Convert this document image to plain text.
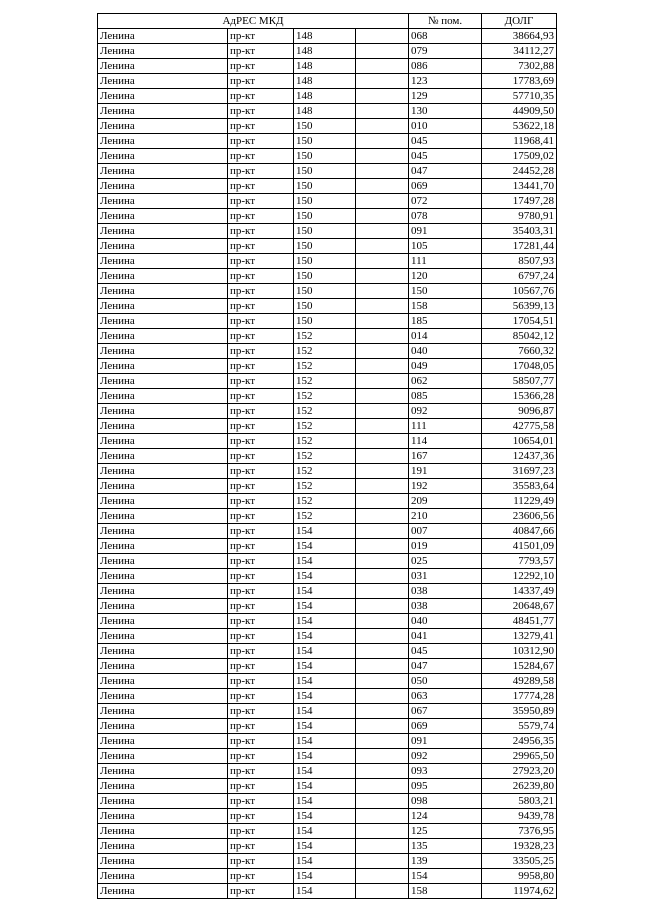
АдРЕС МКД				№ пом.	ДОЛГ
Ленина	пр-кт	148		068	38664,93
Ленина	пр-кт	148		079	34112,27
Ленина	пр-кт	148		086	7302,88
Ленина	пр-кт	148		123	17783,69
Ленина	пр-кт	148		129	57710,35
Ленина	пр-кт	148		130	44909,50
Ленина	пр-кт	150		010	53622,18
Ленина	пр-кт	150		045	11968,41
Ленина	пр-кт	150		045	17509,02
Ленина	пр-кт	150		047	24452,28
Ленина	пр-кт	150		069	13441,70
Ленина	пр-кт	150		072	17497,28
Ленина	пр-кт	150		078	9780,91
Ленина	пр-кт	150		091	35403,31
Ленина	пр-кт	150		105	17281,44
Ленина	пр-кт	150		111	8507,93
Ленина	пр-кт	150		120	6797,24
Ленина	пр-кт	150		150	10567,76
Ленина	пр-кт	150		158	56399,13
Ленина	пр-кт	150		185	17054,51
Ленина	пр-кт	152		014	85042,12
Ленина	пр-кт	152		040	7660,32
Ленина	пр-кт	152		049	17048,05
Ленина	пр-кт	152		062	58507,77
Ленина	пр-кт	152		085	15366,28
Ленина	пр-кт	152		092	9096,87
Ленина	пр-кт	152		111	42775,58
Ленина	пр-кт	152		114	10654,01
Ленина	пр-кт	152		167	12437,36
Ленина	пр-кт	152		191	31697,23
Ленина	пр-кт	152		192	35583,64
Ленина	пр-кт	152		209	11229,49
Ленина	пр-кт	152		210	23606,56
Ленина	пр-кт	154		007	40847,66
Ленина	пр-кт	154		019	41501,09
Ленина	пр-кт	154		025	7793,57
Ленина	пр-кт	154		031	12292,10
Ленина	пр-кт	154		038	14337,49
Ленина	пр-кт	154		038	20648,67
Ленина	пр-кт	154		040	48451,77
Ленина	пр-кт	154		041	13279,41
Ленина	пр-кт	154		045	10312,90
Ленина	пр-кт	154		047	15284,67
Ленина	пр-кт	154		050	49289,58
Ленина	пр-кт	154		063	17774,28
Ленина	пр-кт	154		067	35950,89
Ленина	пр-кт	154		069	5579,74
Ленина	пр-кт	154		091	24956,35
Ленина	пр-кт	154		092	29965,50
Ленина	пр-кт	154		093	27923,20
Ленина	пр-кт	154		095	26239,80
Ленина	пр-кт	154		098	5803,21
Ленина	пр-кт	154		124	9439,78
Ленина	пр-кт	154		125	7376,95
Ленина	пр-кт	154		135	19328,23
Ленина	пр-кт	154		139	33505,25
Ленина	пр-кт	154		154	9958,80
Ленина	пр-кт	154		158	11974,62
